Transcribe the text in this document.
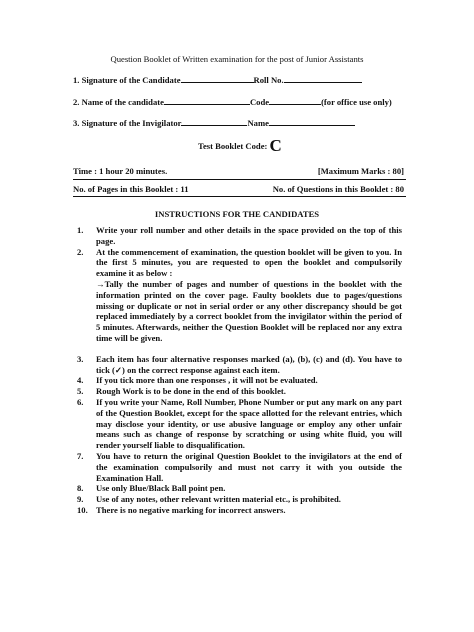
Question Booklet of Written examination for the post of Junior Assistants
1. Signature of the Candidate	Roll No.
2. Name of the candidate	Code	(for office use only)
3. Signature of the Invigilator	Name
Test Booklet Code: C
Time : 1 hour 20 minutes.	[Maximum Marks : 80]
No. of Pages in this Booklet : 11	No. of Questions in this Booklet : 80
INSTRUCTIONS FOR THE CANDIDATES
1.	Write your roll number and other details in the space provided on the top of this page.
2.	At the commencement of examination, the question booklet will be given to you. In the first 5 minutes, you are requested to open the booklet and compulsorily examine it as below :
→Tally the number of pages and number of questions in the booklet with the information printed on the cover page. Faulty booklets due to pages/questions missing or duplicate or not in serial order or any other discrepancy should be got replaced immediately by a correct booklet from the invigilator within the period of 5 minutes. Afterwards, neither the Question Booklet will be replaced nor any extra time will be given.
3.	Each item has four alternative responses marked (a), (b), (c) and (d). You have to tick (✓) on the correct response against each item.
4.	If you tick more than one responses , it will not be evaluated.
5.	Rough Work is to be done in the end of this booklet.
6.	If you write your Name, Roll Number, Phone Number or put any mark on any part of the Question Booklet, except for the space allotted for the relevant entries, which may disclose your identity, or use abusive language or employ any other unfair means such as change of response by scratching or using white fluid, you will render yourself liable to disqualification.
7.	You have to return the original Question Booklet to the invigilators at the end of the examination compulsorily and must not carry it with you outside the Examination Hall.
8.	Use only Blue/Black Ball point pen.
9.	Use of any notes, other relevant written material etc., is prohibited.
10. There is no negative marking for incorrect answers.
